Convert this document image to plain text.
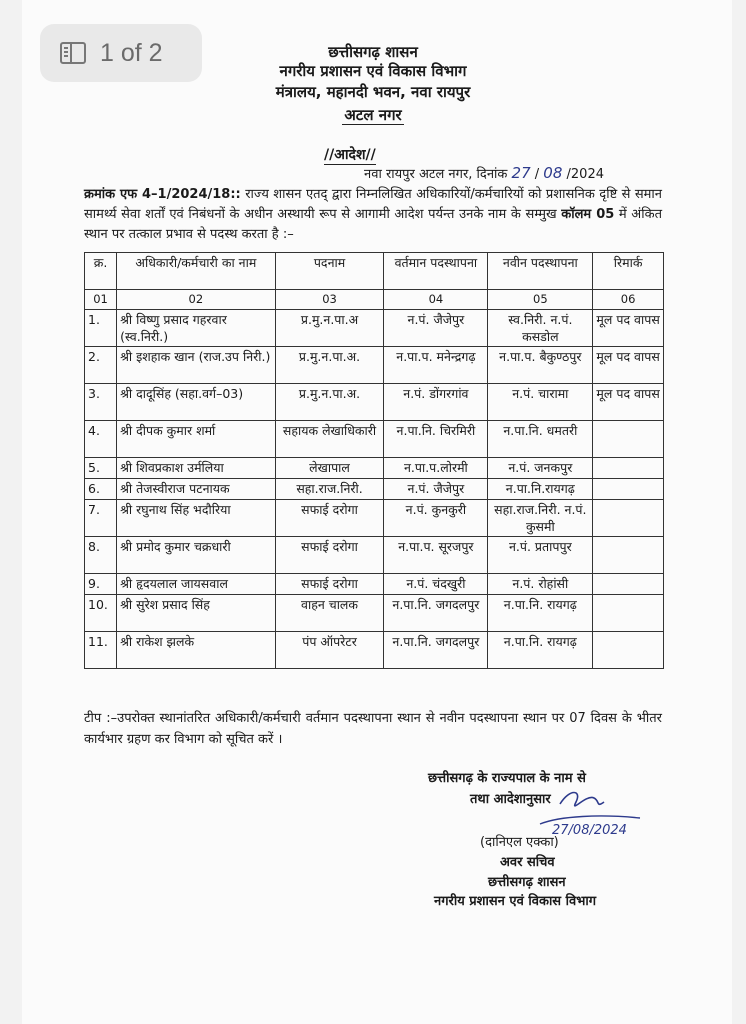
1 of 2	छत्तीसगढ़ शासन
नगरीय प्रशासन एवं विकास विभाग
मंत्रालय, महानदी भवन, नवा रायपुर
अटल नगर
//आदेश//
नवा रायपुर अटल नगर, दिनांक 27 / 08 /2024
क्रमांक एफ 4–1/2024/18:: राज्य शासन एतद् द्वारा निम्नलिखित अधिकारियों/कर्मचारियों को प्रशासनिक दृष्टि से समान सामर्थ्य सेवा शर्तों एवं निबंधनों के अधीन अस्थायी रूप से आगामी आदेश पर्यन्त उनके नाम के सम्मुख कॉलम 05 में अंकित स्थान पर तत्काल प्रभाव से पदस्थ करता है :–
क्र.	अधिकारी/कर्मचारी का नाम	पदनाम	वर्तमान पदस्थापना	नवीन पदस्थापना	रिमार्क
01	02	03	04	05	06
1.	श्री विष्णु प्रसाद गहरवार (स्व.निरी.)	प्र.मु.न.पा.अ	न.पं. जैजेपुर	स्व.निरी. न.पं. कसडोल	मूल पद वापस
2.	श्री इशहाक खान (राज.उप निरी.)	प्र.मु.न.पा.अ.	न.पा.प. मनेन्द्रगढ़	न.पा.प. बैकुण्ठपुर	मूल पद वापस
3.	श्री दादूसिंह (सहा.वर्ग–03)	प्र.मु.न.पा.अ.	न.पं. डोंगरगांव	न.पं. चारामा	मूल पद वापस
4.	श्री दीपक कुमार शर्मा	सहायक लेखाधिकारी	न.पा.नि. चिरमिरी	न.पा.नि. धमतरी	
5.	श्री शिवप्रकाश उर्मलिया	लेखापाल	न.पा.प.लोरमी	न.पं. जनकपुर	
6.	श्री तेजस्वीराज पटनायक	सहा.राज.निरी.	न.पं. जैजेपुर	न.पा.नि.रायगढ़	
7.	श्री रघुनाथ सिंह भदौरिया	सफाई दरोगा	न.पं. कुनकुरी	सहा.राज.निरी. न.पं. कुसमी	
8.	श्री प्रमोद कुमार चक्रधारी	सफाई दरोगा	न.पा.प. सूरजपुर	न.पं. प्रतापपुर	
9.	श्री हृदयलाल जायसवाल	सफाई दरोगा	न.पं. चंदखुरी	न.पं. रोहांसी	
10.	श्री सुरेश प्रसाद सिंह	वाहन चालक	न.पा.नि. जगदलपुर	न.पा.नि. रायगढ़	
11.	श्री राकेश झलके	पंप ऑपरेटर	न.पा.नि. जगदलपुर	न.पा.नि. रायगढ़	
टीप :–उपरोक्त स्थानांतरित अधिकारी/कर्मचारी वर्तमान पदस्थापना स्थान से नवीन पदस्थापना स्थान पर 07 दिवस के भीतर कार्यभार ग्रहण कर विभाग को सूचित करें ।
छत्तीसगढ़ के राज्यपाल के नाम से
तथा आदेशानुसार
27/08/2024
(दानिएल एक्का)
अवर सचिव
छत्तीसगढ़ शासन
नगरीय प्रशासन एवं विकास विभाग
